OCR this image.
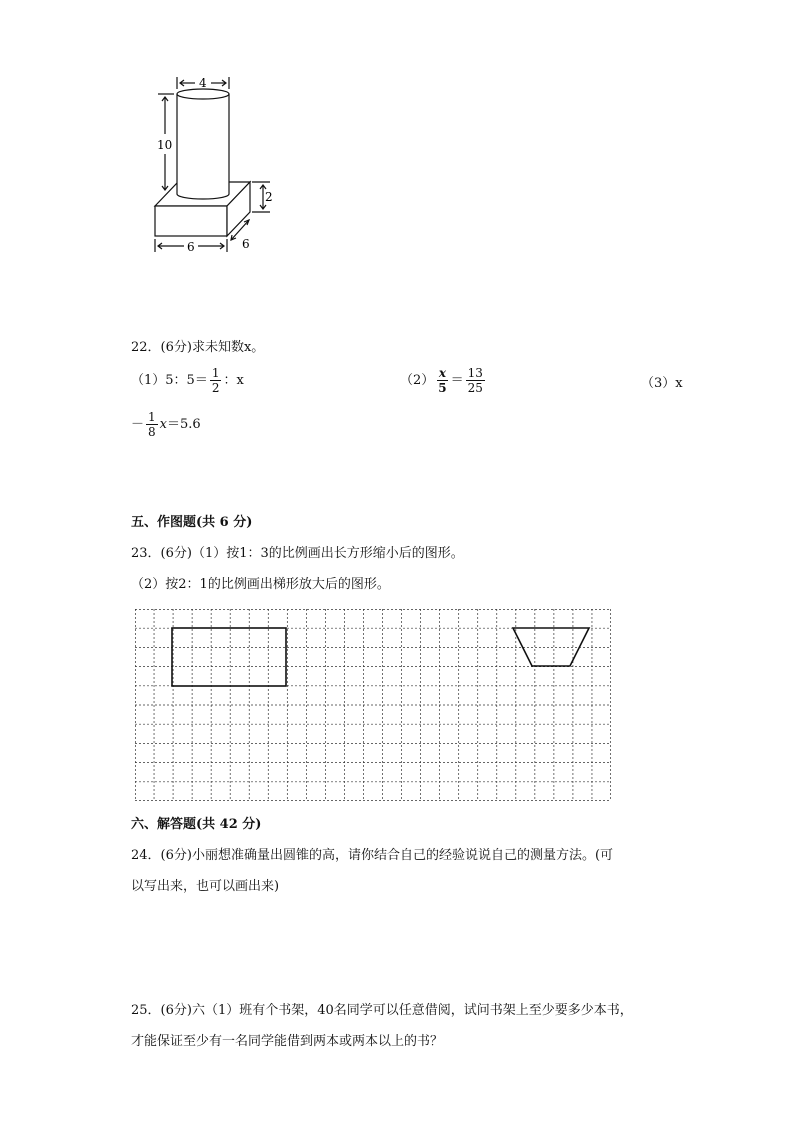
4
10
2
6	6
22．(6分)求未知数x。
（1）5：$5= \frac{1}{2}$ ：x	$(2) \frac{x}{5} = \frac{13}{25}$	（3）x
－ $\frac{1}{8} x=5.6$
五、作图题(共 6 分)
23．(6分)（1）按1：3的比例画出长方形缩小后的图形。
（2）按2：1的比例画出梯形放大后的图形。
六、解答题(共 42 分)
24．(6分)小丽想准确量出圆锥的高，请你结合自己的经验说说自己的测量方法。(可
以写出来，也可以画出来)
25．(6分)六（1）班有个书架，40名同学可以任意借阅，试问书架上至少要多少本书，
才能保证至少有一名同学能借到两本或两本以上的书？
